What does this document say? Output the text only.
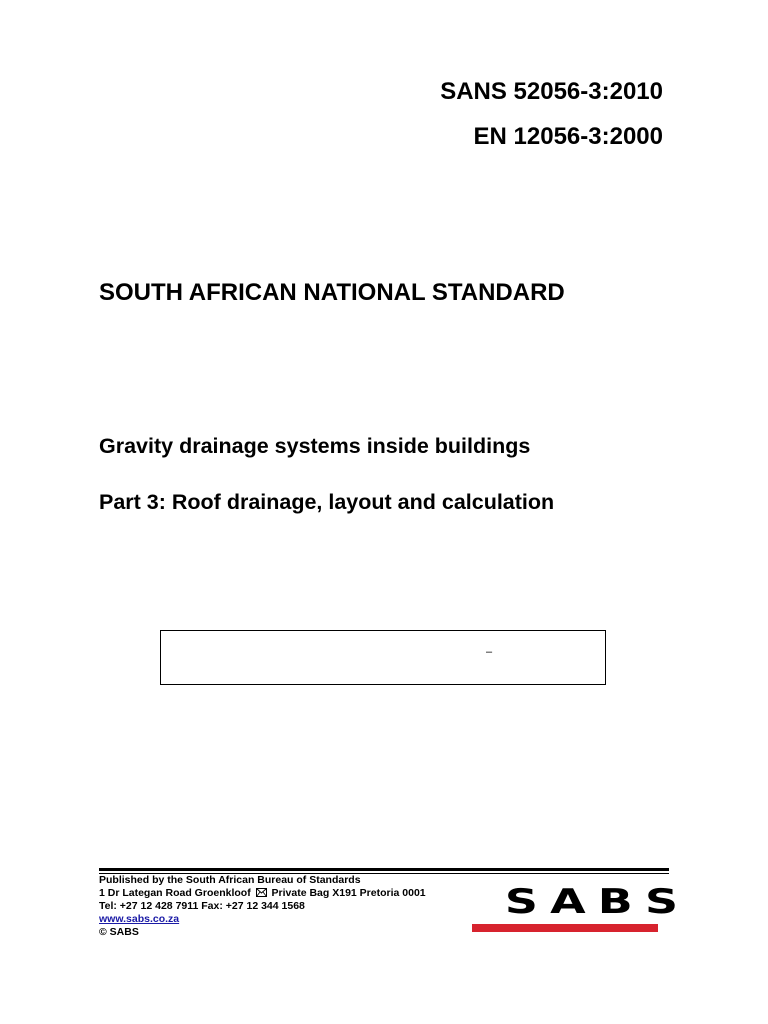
SANS 52056-3:2010
EN 12056-3:2000
SOUTH AFRICAN NATIONAL STANDARD
Gravity drainage systems inside buildings
Part 3: Roof drainage, layout and calculation
–
Published by the South African Bureau of Standards
1 Dr Lategan Road Groenkloof Private Bag X191 Pretoria 0001
Tel: +27 12 428 7911 Fax: +27 12 344 1568
www.sabs.co.za
© SABS
SABS
